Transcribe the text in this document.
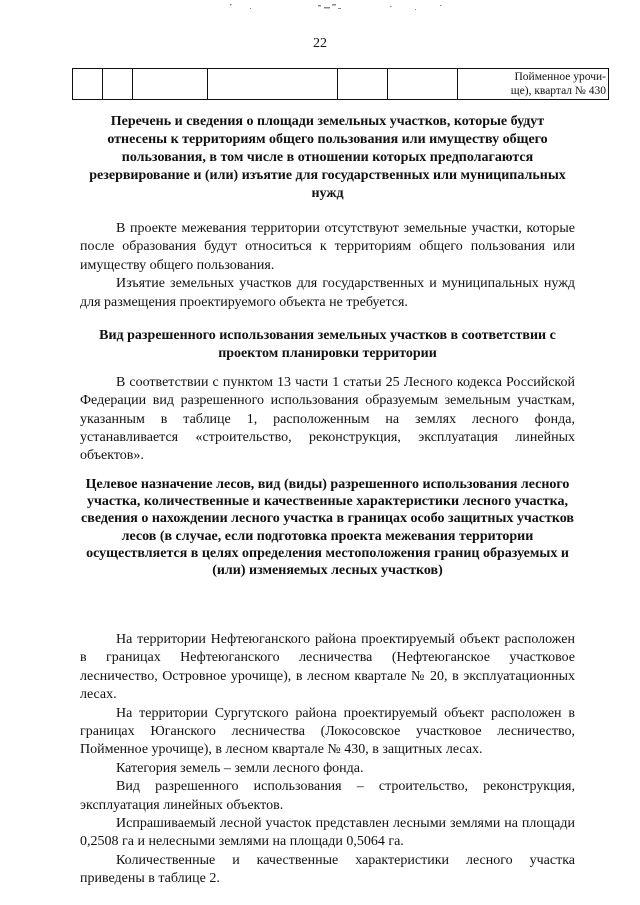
22
						Пойменное урочи-
ще), квартал № 430

Перечень и сведения о площади земельных участков, которые будут отнесены к территориям общего пользования или имуществу общего пользования, в том числе в отношении которых предполагаются резервирование и (или) изъятие для государственных или муниципальных нужд

В проекте межевания территории отсутствуют земельные участки, которые после образования будут относиться к территориям общего пользования или имуществу общего пользования.

Изъятие земельных участков для государственных и муниципальных нужд для размещения проектируемого объекта не требуется.

Вид разрешенного использования земельных участков в соответствии с проектом планировки территории

В соответствии с пунктом 13 части 1 статьи 25 Лесного кодекса Российской Федерации вид разрешенного использования образуемым земельным участкам, указанным в таблице 1, расположенным на землях лесного фонда, устанавливается «строительство, реконструкция, эксплуатация линейных объектов».

Целевое назначение лесов, вид (виды) разрешенного использования лесного участка, количественные и качественные характеристики лесного участка, сведения о нахождении лесного участка в границах особо защитных участков лесов (в случае, если подготовка проекта межевания территории осуществляется в целях определения местоположения границ образуемых и (или) изменяемых лесных участков)

На территории Нефтеюганского района проектируемый объект расположен в границах Нефтеюганского лесничества (Нефтеюганское участковое лесничество, Островное урочище), в лесном квартале № 20, в эксплуатационных лесах.

На территории Сургутского района проектируемый объект расположен в границах Юганского лесничества (Локосовское участковое лесничество, Пойменное урочище), в лесном квартале № 430, в защитных лесах.

Категория земель – земли лесного фонда.

Вид разрешенного использования – строительство, реконструкция, эксплуатация линейных объектов.

Испрашиваемый лесной участок представлен лесными землями на площади 0,2508 га и нелесными землями на площади 0,5064 га.

Количественные и качественные характеристики лесного участка приведены в таблице 2.
